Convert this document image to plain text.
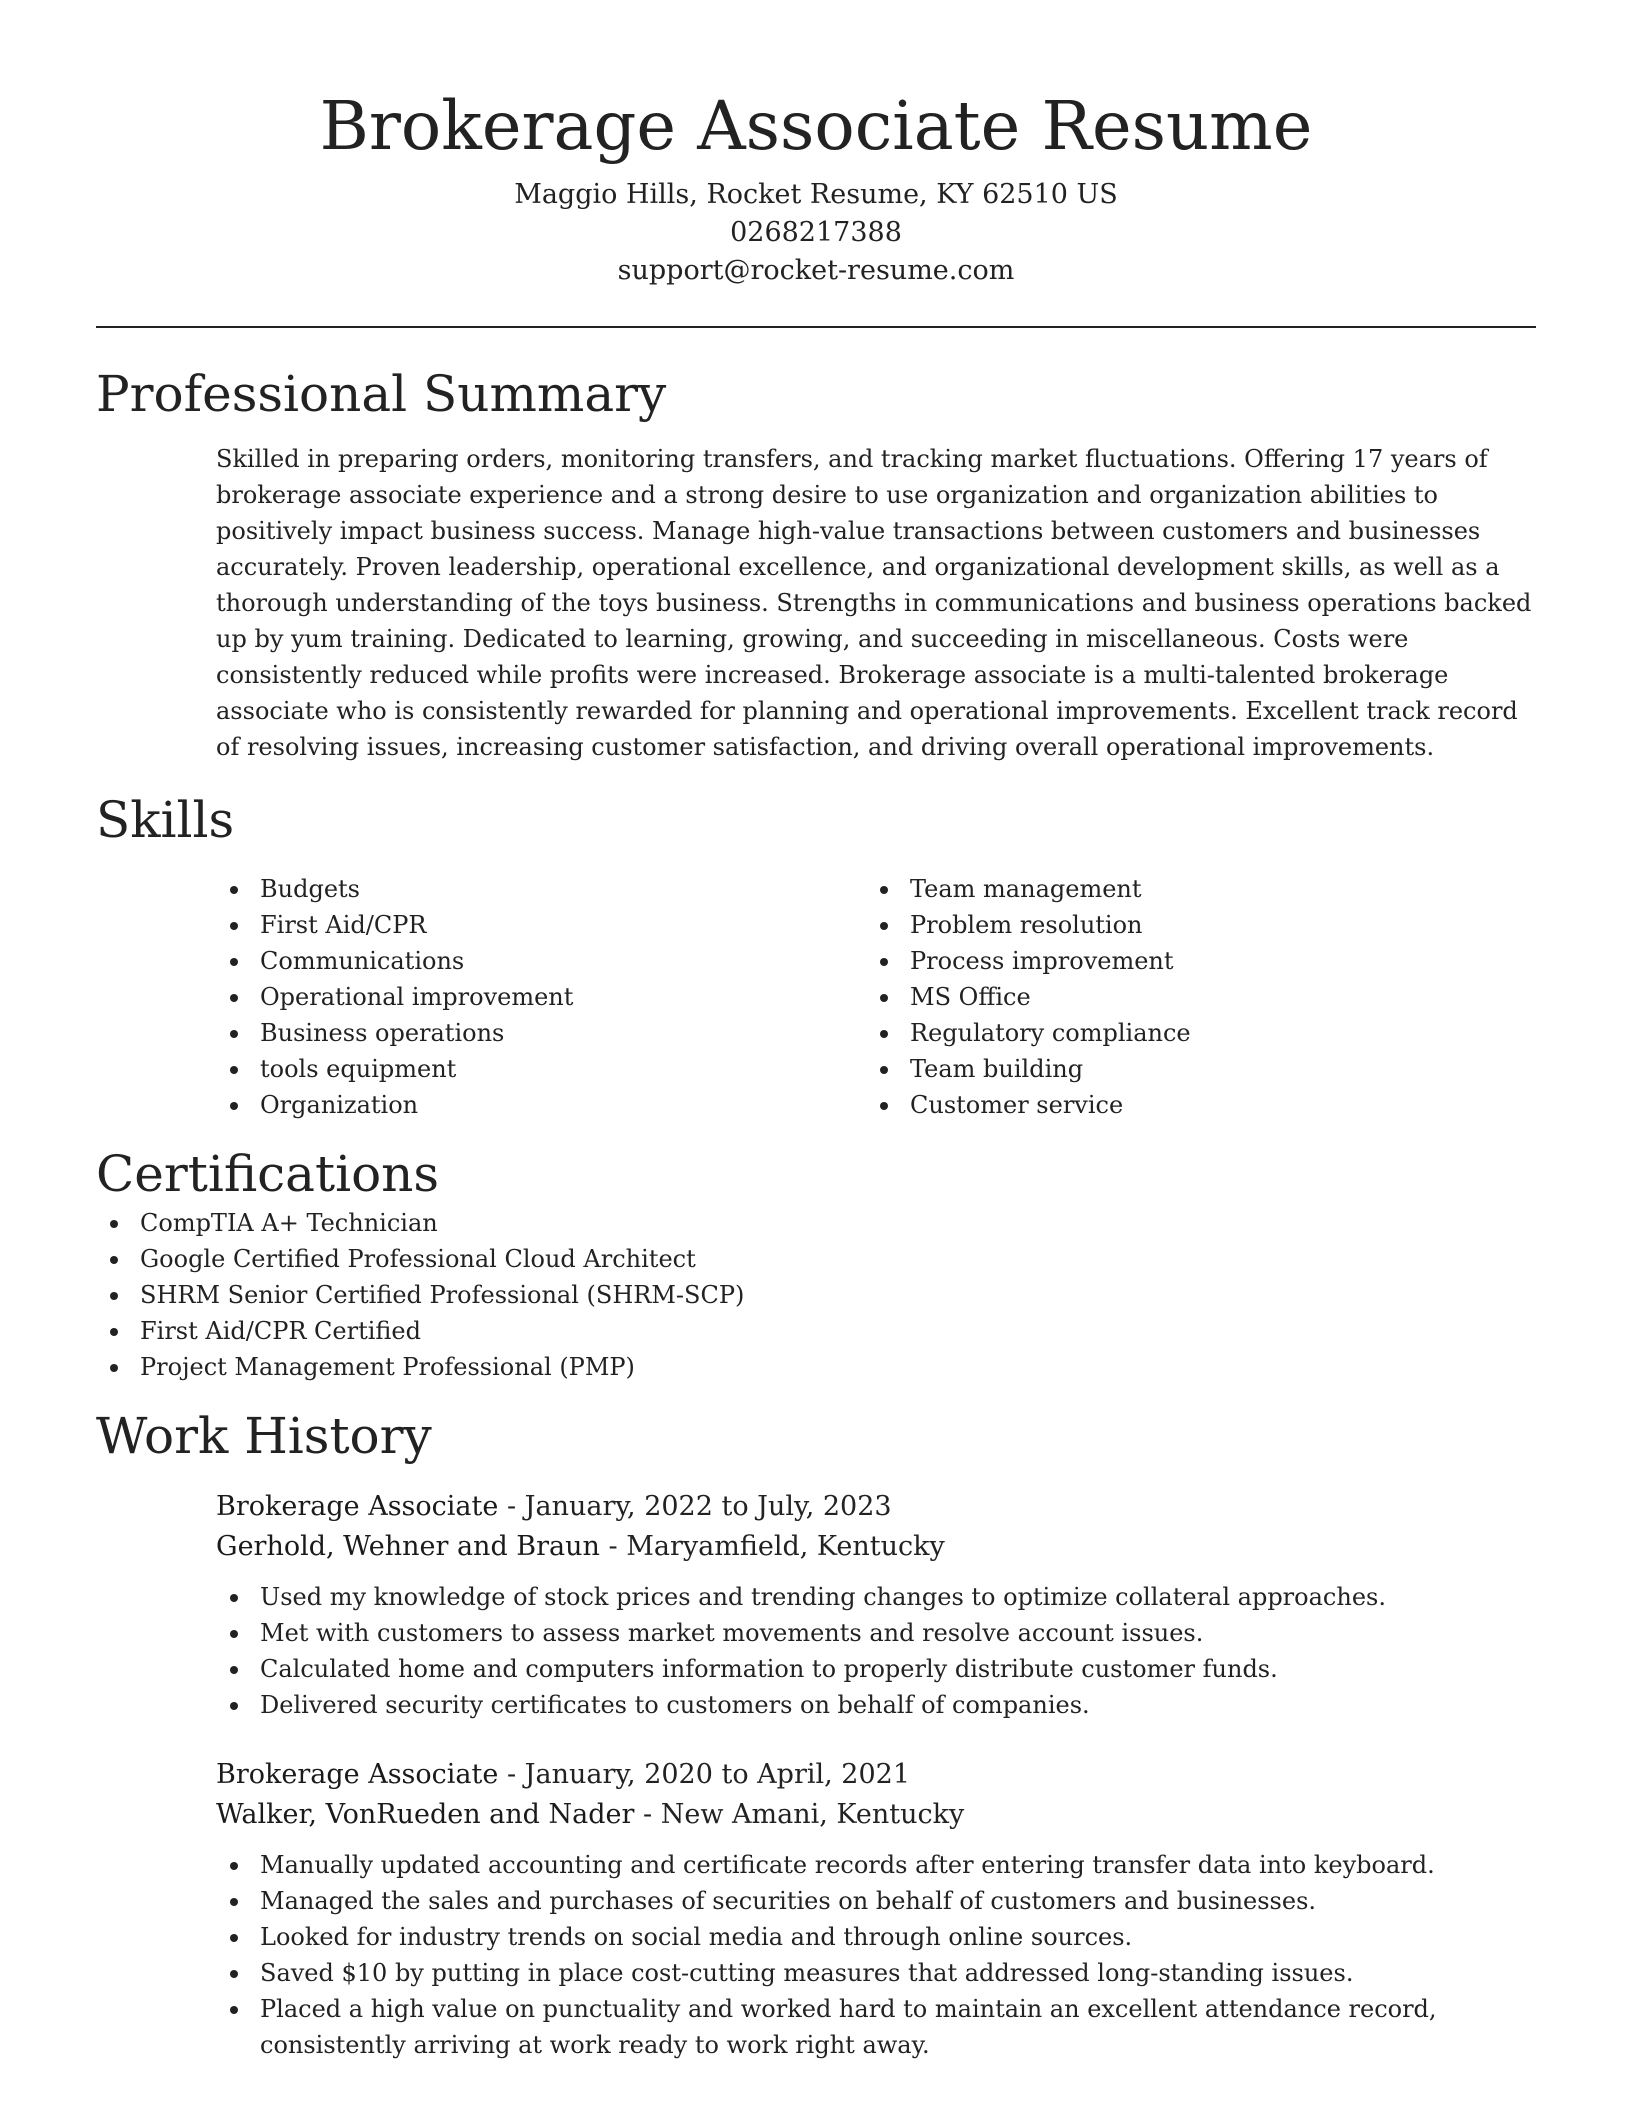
Brokerage Associate Resume
Maggio Hills, Rocket Resume, KY 62510 US
0268217388
support@rocket-resume.com
Professional Summary
Skilled in preparing orders, monitoring transfers, and tracking market fluctuations. Offering 17 years of brokerage associate experience and a strong desire to use organization and organization abilities to positively impact business success. Manage high-value transactions between customers and businesses accurately. Proven leadership, operational excellence, and organizational development skills, as well as a thorough understanding of the toys business. Strengths in communications and business operations backed up by yum training. Dedicated to learning, growing, and succeeding in miscellaneous. Costs were consistently reduced while profits were increased. Brokerage associate is a multi-talented brokerage associate who is consistently rewarded for planning and operational improvements. Excellent track record of resolving issues, increasing customer satisfaction, and driving overall operational improvements.
Skills
Budgets
First Aid/CPR
Communications
Operational improvement
Business operations
tools equipment
Organization
Team management
Problem resolution
Process improvement
MS Office
Regulatory compliance
Team building
Customer service
Certifications
CompTIA A+ Technician
Google Certified Professional Cloud Architect
SHRM Senior Certified Professional (SHRM-SCP)
First Aid/CPR Certified
Project Management Professional (PMP)
Work History
Brokerage Associate - January, 2022 to July, 2023
Gerhold, Wehner and Braun - Maryamfield, Kentucky
Used my knowledge of stock prices and trending changes to optimize collateral approaches.
Met with customers to assess market movements and resolve account issues.
Calculated home and computers information to properly distribute customer funds.
Delivered security certificates to customers on behalf of companies.
Brokerage Associate - January, 2020 to April, 2021
Walker, VonRueden and Nader - New Amani, Kentucky
Manually updated accounting and certificate records after entering transfer data into keyboard.
Managed the sales and purchases of securities on behalf of customers and businesses.
Looked for industry trends on social media and through online sources.
Saved $10 by putting in place cost-cutting measures that addressed long-standing issues.
Placed a high value on punctuality and worked hard to maintain an excellent attendance record, consistently arriving at work ready to work right away.
